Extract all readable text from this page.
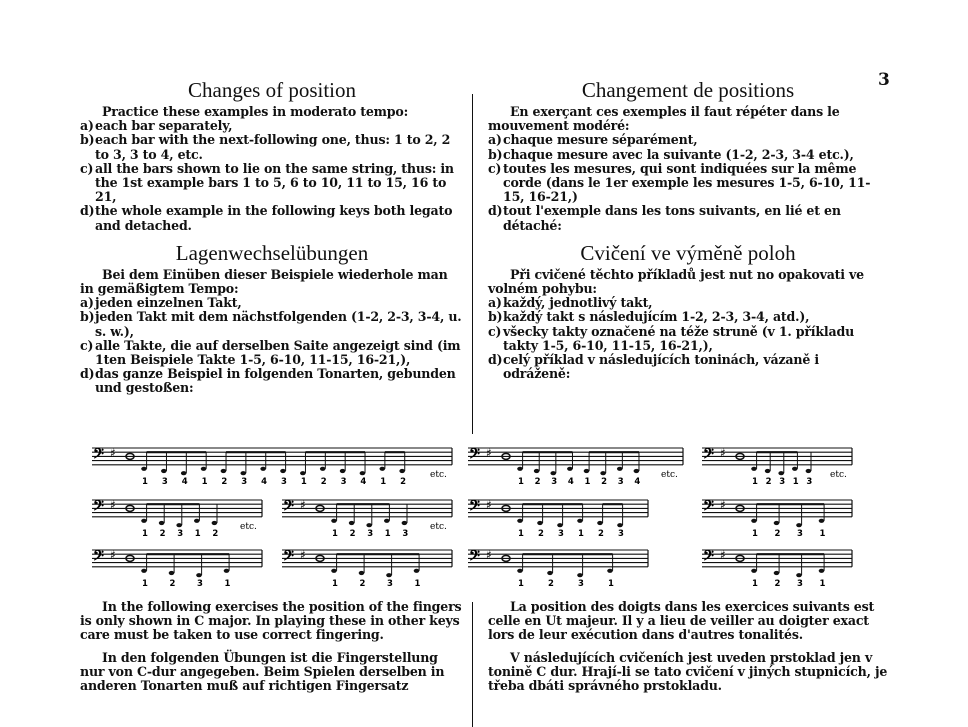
3
Changes of position

Practice these examples in moderato tempo:

a)each bar separately,
b)each bar with the next-following one, thus: 1 to 2, 2 to 3, 3 to 4, etc.
c) all the bars shown to lie on the same string, thus: in the 1st example bars 1 to 5, 6 to 10, 11 to 15, 16 to 21,
d)the whole example in the following keys both legato and detached.
Lagenwechselübungen

Bei dem Einüben dieser Beispiele wiederhole man in gemäßigtem Tempo:

a)jeden einzelnen Takt,
b)jeden Takt mit dem nächstfolgenden (1-2, 2-3, 3-4, u. s. w.),
c) alle Takte, die auf derselben Saite angezeigt sind (im 1ten Beispiele Takte 1-5, 6-10, 11-15, 16-21,),
d)das ganze Beispiel in folgenden Tonarten, gebunden und gestoßen:
Changement de positions

En exerçant ces exemples il faut répéter dans le mouvement modéré:

a)chaque mesure séparément,
b)chaque mesure avec la suivante (1-2, 2-3, 3-4 etc.),
c) toutes les mesures, qui sont indiquées sur la même corde (dans le 1er exemple les mesures 1-5, 6-10, 11-15, 16-21,)
d)tout l'exemple dans les tons suivants, en lié et en détaché:
Cvičení ve výměně poloh

Při cvičené těchto příkladů jest nut no opakovati ve volném pohybu:

a)každý, jednotlivý takt,
b)každý takt s následujícím 1-2, 2-3, 3-4, atd.),
c) všecky takty označené na téže struně (v 1. příkladu takty 1-5, 6-10, 11-15, 16-21,),
d)celý příklad v následujících toninách, vázaně i odráženě:
𝄢 ♯
1 3 4 1 2 3 4 3 1 2 3 4 1 2
etc.
𝄢 ♯
1 2 3 4 1 2 3 4
etc.
𝄢 ♯
1 2 3 1 3
etc.
𝄢 ♯
1 2 3 1 2
etc.
𝄢 ♯
1 2 3 1 3
etc.
𝄢 ♯
1 2 3 1 2 3
𝄢 ♯
1 2 3 1
𝄢 ♯
1	2	3	1
𝄢 ♯
1	2	3	1
𝄢 ♯
1	2	3	1
𝄢 ♯
1 2 3 1

In the following exercises the position of the fingers is only shown in C major. In playing these in other keys care must be taken to use correct fingering.

In den folgenden Übungen ist die Fingerstellung nur von C-dur angegeben. Beim Spielen derselben in anderen Tonarten muß auf richtigen Fingersatz

La position des doigts dans les exercices suivants est celle en Ut majeur. Il y a lieu de veiller au doigter exact lors de leur exécution dans d'autres tonalités.

V následujících cvičeních jest uveden prstoklad jen v tonině C dur. Hrají-li se tato cvičení v jiných stupnicích, je třeba dbáti správného prstokladu.
